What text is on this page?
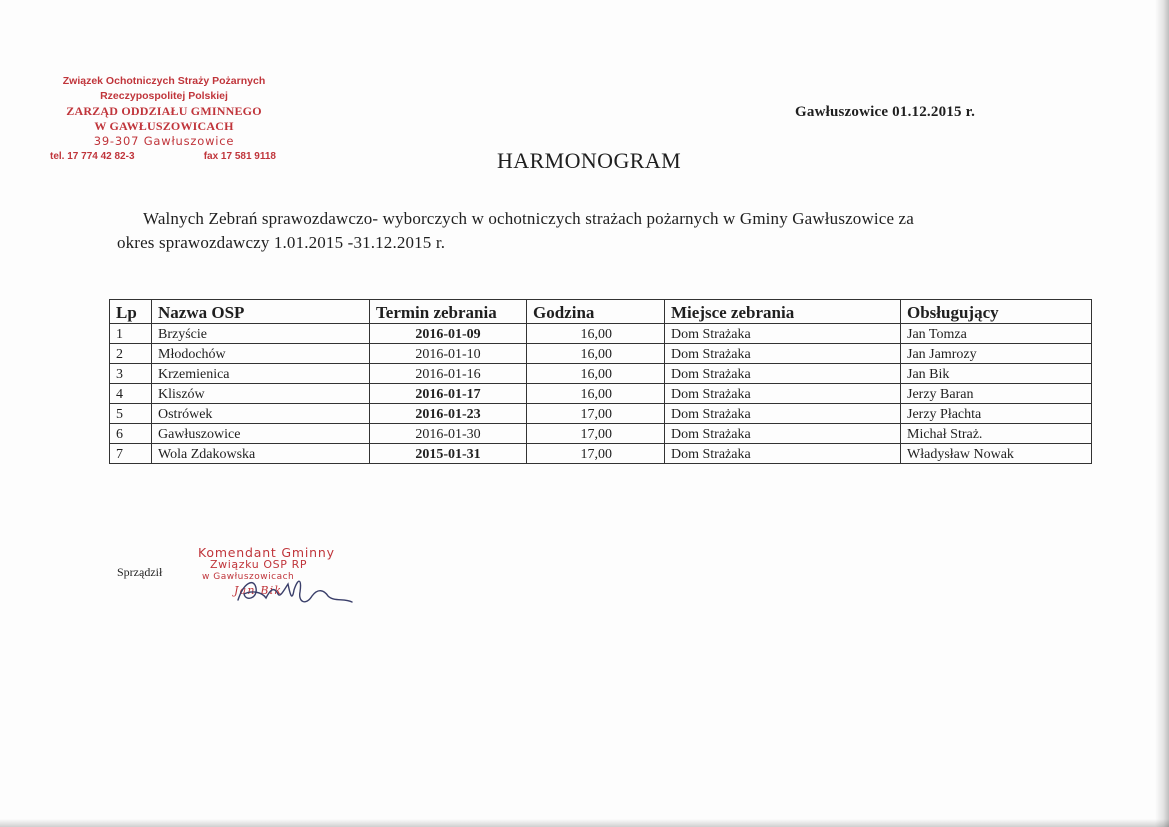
Związek Ochotniczych Straży Pożarnych
Rzeczypospolitej Polskiej
ZARZĄD ODDZIAŁU GMINNEGO
W GAWŁUSZOWICACH
39-307 Gawłuszowice
tel. 17 774 42 82-3	fax 17 581 9118
Gawłuszowice 01.12.2015 r.
HARMONOGRAM
Walnych Zebrań sprawozdawczo- wyborczych w ochotniczych strażach pożarnych w Gminy Gawłuszowice za
okres sprawozdawczy 1.01.2015 -31.12.2015 r.
Lp	Nazwa OSP	Termin zebrania	Godzina	Miejsce zebrania	Obsługujący
1	Brzyście	2016-01-09	16,00	Dom Strażaka	Jan Tomza
2	Młodochów	2016-01-10	16,00	Dom Strażaka	Jan Jamrozy
3	Krzemienica	2016-01-16	16,00	Dom Strażaka	Jan Bik
4	Kliszów	2016-01-17	16,00	Dom Strażaka	Jerzy Baran
5	Ostrówek	2016-01-23	17,00	Dom Strażaka	Jerzy Płachta
6	Gawłuszowice	2016-01-30	17,00	Dom Strażaka	Michał Straż.
7	Wola Zdakowska	2015-01-31	17,00	Dom Strażaka	Władysław Nowak
Sprządził
Komendant Gminny
Związku OSP RP
w Gawłuszowicach
Jan Bik
